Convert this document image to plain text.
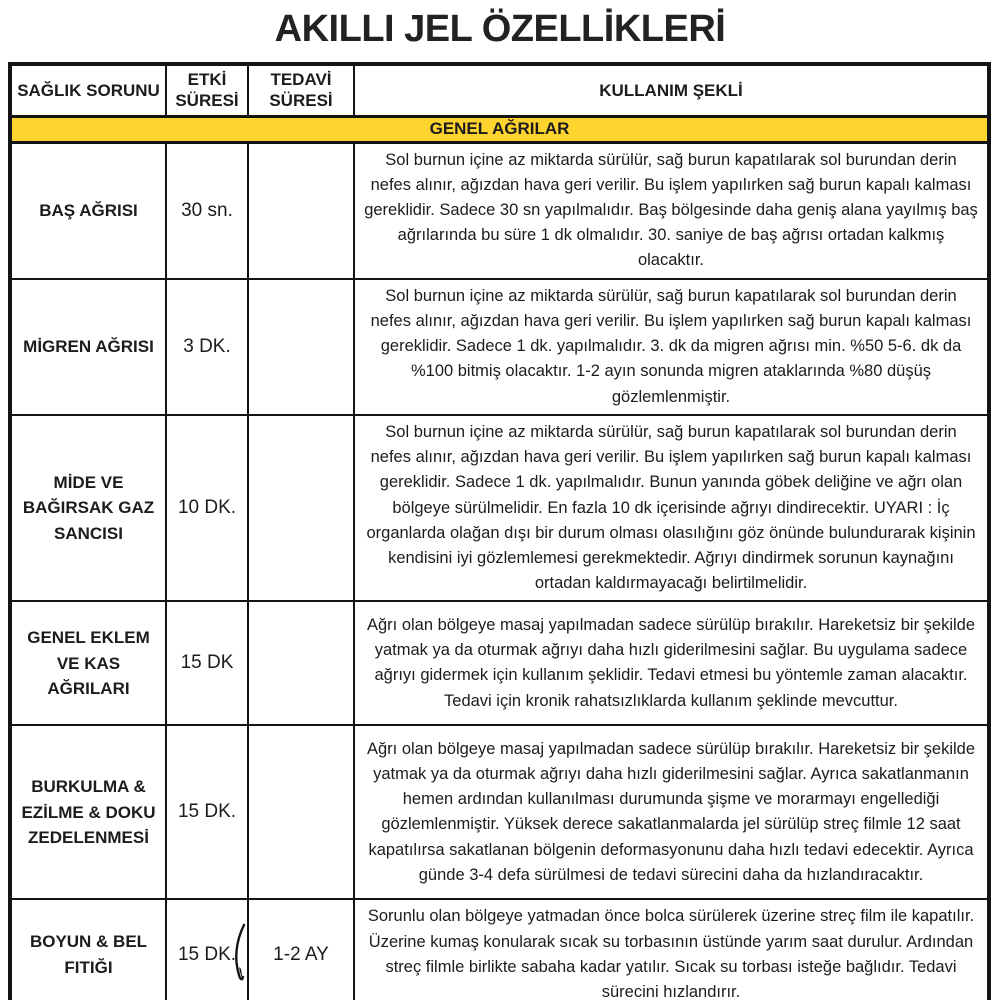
AKILLI JEL ÖZELLİKLERİ
SAĞLIK SORUNU	ETKİ SÜRESİ	TEDAVİ SÜRESİ	KULLANIM ŞEKLİ
GENEL AĞRILAR			
BAŞ AĞRISI	30 sn.		Sol burnun içine az miktarda sürülür, sağ burun kapatılarak sol burundan derin nefes alınır, ağızdan hava geri verilir. Bu işlem yapılırken sağ burun kapalı kalması gereklidir. Sadece 30 sn yapılmalıdır. Baş bölgesinde daha geniş alana yayılmış baş ağrılarında bu süre 1 dk olmalıdır. 30. saniye de baş ağrısı ortadan kalkmış olacaktır.
MİGREN AĞRISI	3 DK.		Sol burnun içine az miktarda sürülür, sağ burun kapatılarak sol burundan derin nefes alınır, ağızdan hava geri verilir. Bu işlem yapılırken sağ burun kapalı kalması gereklidir. Sadece 1 dk. yapılmalıdır. 3. dk da migren ağrısı min. %50 5-6. dk da %100 bitmiş olacaktır. 1-2 ayın sonunda migren ataklarında %80 düşüş gözlemlenmiştir.
MİDE VE BAĞIRSAK GAZ SANCISI	10 DK.		Sol burnun içine az miktarda sürülür, sağ burun kapatılarak sol burundan derin nefes alınır, ağızdan hava geri verilir. Bu işlem yapılırken sağ burun kapalı kalması gereklidir. Sadece 1 dk. yapılmalıdır. Bunun yanında göbek deliğine ve ağrı olan bölgeye sürülmelidir. En fazla 10 dk içerisinde ağrıyı dindirecektir. UYARI : İç organlarda olağan dışı bir durum olması olasılığını göz önünde bulundurarak kişinin kendisini iyi gözlemlemesi gerekmektedir. Ağrıyı dindirmek sorunun kaynağını ortadan kaldırmayacağı belirtilmelidir.
GENEL EKLEM VE KAS AĞRILARI	15 DK		Ağrı olan bölgeye masaj yapılmadan sadece sürülüp bırakılır. Hareketsiz bir şekilde yatmak ya da oturmak ağrıyı daha hızlı giderilmesini sağlar. Bu uygulama sadece ağrıyı gidermek için kullanım şeklidir. Tedavi etmesi bu yöntemle zaman alacaktır. Tedavi için kronik rahatsızlıklarda kullanım şeklinde mevcuttur.
BURKULMA & EZİLME & DOKU ZEDELENMESİ	15 DK.		Ağrı olan bölgeye masaj yapılmadan sadece sürülüp bırakılır. Hareketsiz bir şekilde yatmak ya da oturmak ağrıyı daha hızlı giderilmesini sağlar. Ayrıca sakatlanmanın hemen ardından kullanılması durumunda şişme ve morarmayı engellediği gözlemlenmiştir. Yüksek derece sakatlanmalarda jel sürülüp streç filmle 12 saat kapatılırsa sakatlanan bölgenin deformasyonunu daha hızlı tedavi edecektir. Ayrıca günde 3-4 defa sürülmesi de tedavi sürecini daha da hızlandıracaktır.
BOYUN & BEL FITIĞI	15 DK.	1-2 AY	Sorunlu olan bölgeye yatmadan önce bolca sürülerek üzerine streç film ile kapatılır. Üzerine kumaş konularak sıcak su torbasının üstünde yarım saat durulur. Ardından streç filmle birlikte sabaha kadar yatılır. Sıcak su torbası isteğe bağlıdır. Tedavi sürecini hızlandırır.
